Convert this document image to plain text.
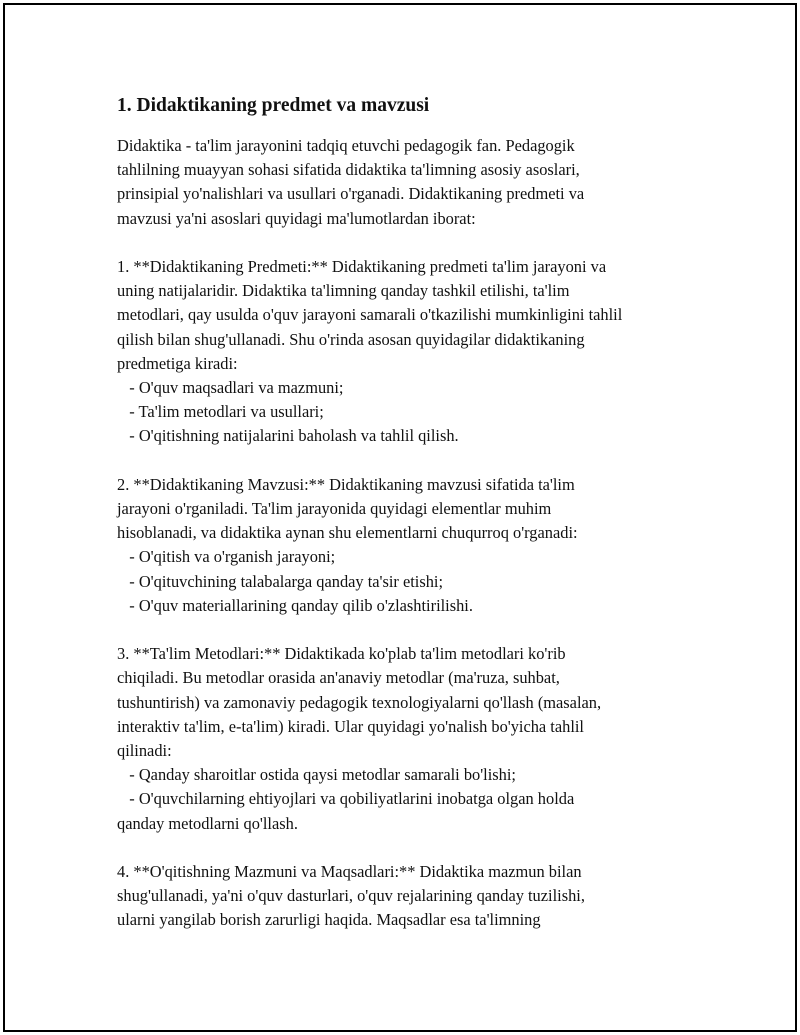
1. Didaktikaning predmet va mavzusi
Didaktika - ta'lim jarayonini tadqiq etuvchi pedagogik fan. Pedagogik
tahlilning muayyan sohasi sifatida didaktika ta'limning asosiy asoslari,
prinsipial yo'nalishlari va usullari o'rganadi. Didaktikaning predmeti va
mavzusi ya'ni asoslari quyidagi ma'lumotlardan iborat:
1. **Didaktikaning Predmeti:** Didaktikaning predmeti ta'lim jarayoni va
uning natijalaridir. Didaktika ta'limning qanday tashkil etilishi, ta'lim
metodlari, qay usulda o'quv jarayoni samarali o'tkazilishi mumkinligini tahlil
qilish bilan shug'ullanadi. Shu o'rinda asosan quyidagilar didaktikaning
predmetiga kiradi:
- O'quv maqsadlari va mazmuni;
- Ta'lim metodlari va usullari;
- O'qitishning natijalarini baholash va tahlil qilish.
2. **Didaktikaning Mavzusi:** Didaktikaning mavzusi sifatida ta'lim
jarayoni o'rganiladi. Ta'lim jarayonida quyidagi elementlar muhim
hisoblanadi, va didaktika aynan shu elementlarni chuqurroq o'rganadi:
- O'qitish va o'rganish jarayoni;
- O'qituvchining talabalarga qanday ta'sir etishi;
- O'quv materiallarining qanday qilib o'zlashtirilishi.
3. **Ta'lim Metodlari:** Didaktikada ko'plab ta'lim metodlari ko'rib
chiqiladi. Bu metodlar orasida an'anaviy metodlar (ma'ruza, suhbat,
tushuntirish) va zamonaviy pedagogik texnologiyalarni qo'llash (masalan,
interaktiv ta'lim, e-ta'lim) kiradi. Ular quyidagi yo'nalish bo'yicha tahlil
qilinadi:
- Qanday sharoitlar ostida qaysi metodlar samarali bo'lishi;
- O'quvchilarning ehtiyojlari va qobiliyatlarini inobatga olgan holda
qanday metodlarni qo'llash.
4. **O'qitishning Mazmuni va Maqsadlari:** Didaktika mazmun bilan
shug'ullanadi, ya'ni o'quv dasturlari, o'quv rejalarining qanday tuzilishi,
ularni yangilab borish zarurligi haqida. Maqsadlar esa ta'limning
